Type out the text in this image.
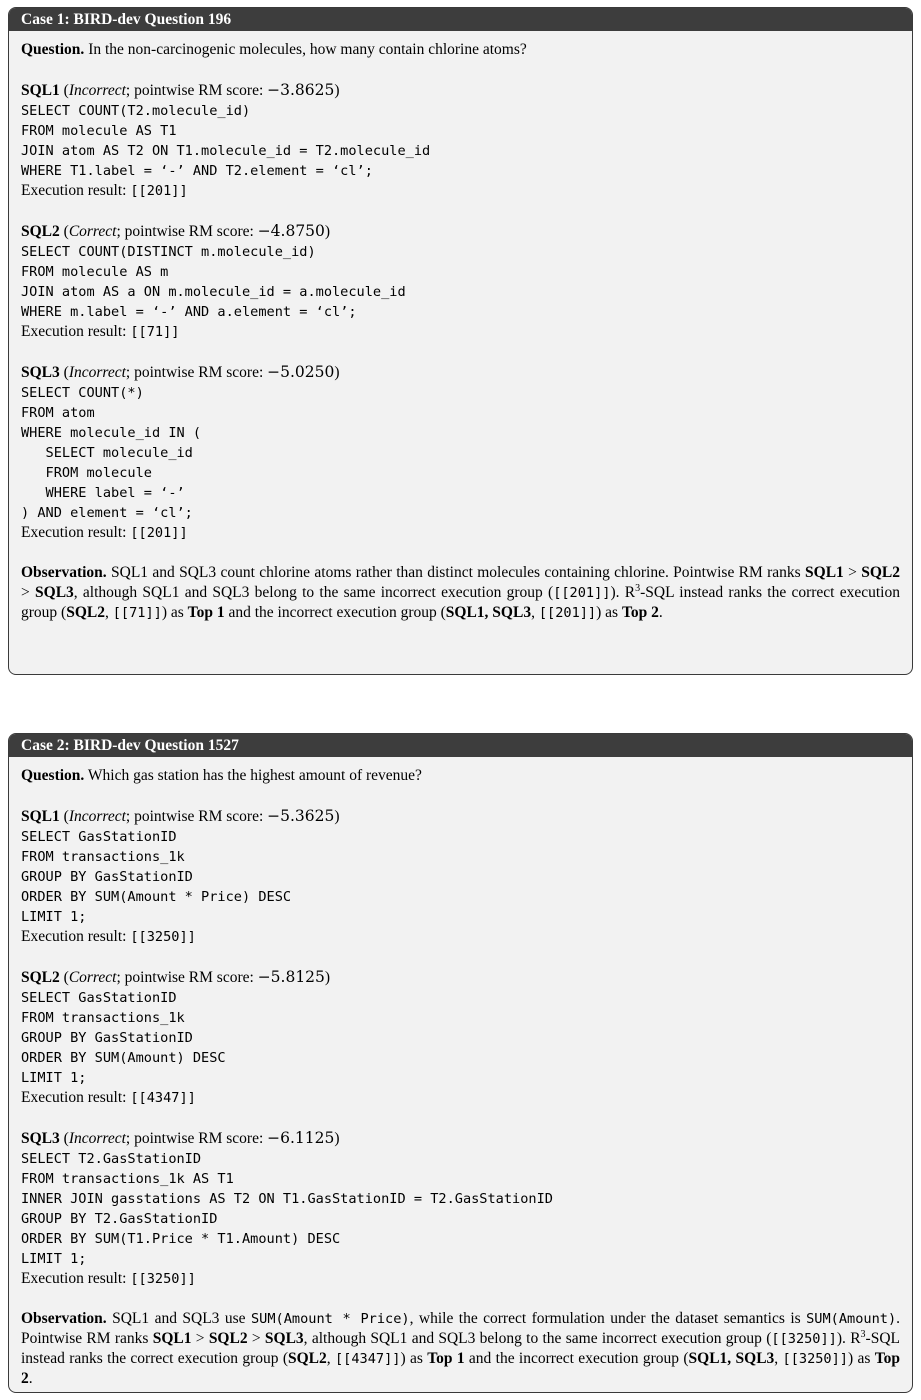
Case 1: BIRD-dev Question 196
Question. In the non-carcinogenic molecules, how many contain chlorine atoms?
SQL1 (Incorrect; pointwise RM score: −3.8625)
SELECT COUNT(T2.molecule_id)
FROM molecule AS T1
JOIN atom AS T2 ON T1.molecule_id = T2.molecule_id
WHERE T1.label = ‘-’ AND T2.element = ‘cl’;
Execution result: [[201]]
SQL2 (Correct; pointwise RM score: −4.8750)
SELECT COUNT(DISTINCT m.molecule_id)
FROM molecule AS m
JOIN atom AS a ON m.molecule_id = a.molecule_id
WHERE m.label = ‘-’ AND a.element = ‘cl’;
Execution result: [[71]]
SQL3 (Incorrect; pointwise RM score: −5.0250)
SELECT COUNT(*)
FROM atom
WHERE molecule_id IN (
SELECT molecule_id
FROM molecule
WHERE label = ‘-’
) AND element = ‘cl’;
Execution result: [[201]]
Observation. SQL1 and SQL3 count chlorine atoms rather than distinct molecules containing chlorine. Pointwise RM ranks SQL1 > SQL2 > SQL3, although SQL1 and SQL3 belong to the same incorrect execution group ([[201]]). $R^3$-SQL instead ranks the correct execution group (SQL2, [[71]]) as Top 1 and the incorrect execution group (SQL1, SQL3, [[201]]) as Top 2.
Case 2: BIRD-dev Question 1527
Question. Which gas station has the highest amount of revenue?
SQL1 (Incorrect; pointwise RM score: −5.3625)
SELECT GasStationID
FROM transactions_1k
GROUP BY GasStationID
ORDER BY SUM(Amount * Price) DESC
LIMIT 1;
Execution result: [[3250]]
SQL2 (Correct; pointwise RM score: −5.8125)
SELECT GasStationID
FROM transactions_1k
GROUP BY GasStationID
ORDER BY SUM(Amount) DESC
LIMIT 1;
Execution result: [[4347]]
SQL3 (Incorrect; pointwise RM score: −6.1125)
SELECT T2.GasStationID
FROM transactions_1k AS T1
INNER JOIN gasstations AS T2 ON T1.GasStationID = T2.GasStationID
GROUP BY T2.GasStationID
ORDER BY SUM(T1.Price * T1.Amount) DESC
LIMIT 1;
Execution result: [[3250]]
Observation. SQL1 and SQL3 use SUM(Amount * Price), while the correct formulation under the dataset semantics is SUM(Amount). Pointwise RM ranks SQL1 > SQL2 > SQL3, although SQL1 and SQL3 belong to the same incorrect execution group ([[3250]]). $R^3$-SQL instead ranks the correct execution group (SQL2, [[4347]]) as Top 1 and the incorrect execution group (SQL1, SQL3, [[3250]]) as Top 2.
